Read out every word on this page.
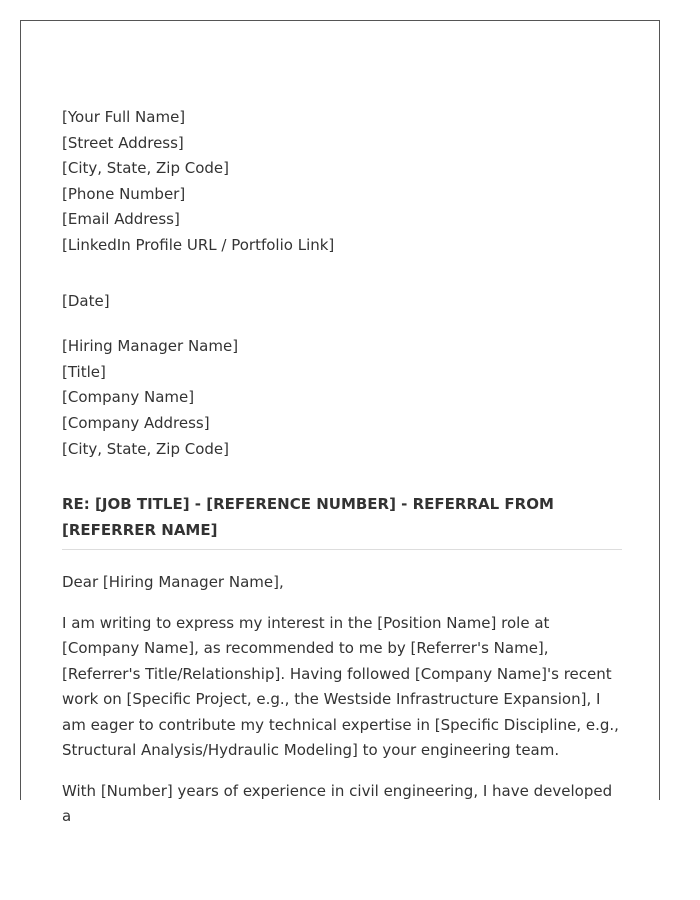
[Your Full Name]
[Street Address]
[City, State, Zip Code]
[Phone Number]
[Email Address]
[LinkedIn Profile URL / Portfolio Link]
[Date]
[Hiring Manager Name]
[Title]
[Company Name]
[Company Address]
[City, State, Zip Code]
RE: [JOB TITLE] - [REFERENCE NUMBER] - REFERRAL FROM [REFERRER NAME]
Dear [Hiring Manager Name],
I am writing to express my interest in the [Position Name] role at [Company Name], as recommended to me by [Referrer's Name], [Referrer's Title/Relationship]. Having followed [Company Name]'s recent work on [Specific Project, e.g., the Westside Infrastructure Expansion], I am eager to contribute my technical expertise in [Specific Discipline, e.g., Structural Analysis/Hydraulic Modeling] to your engineering team.
With [Number] years of experience in civil engineering, I have developed a
